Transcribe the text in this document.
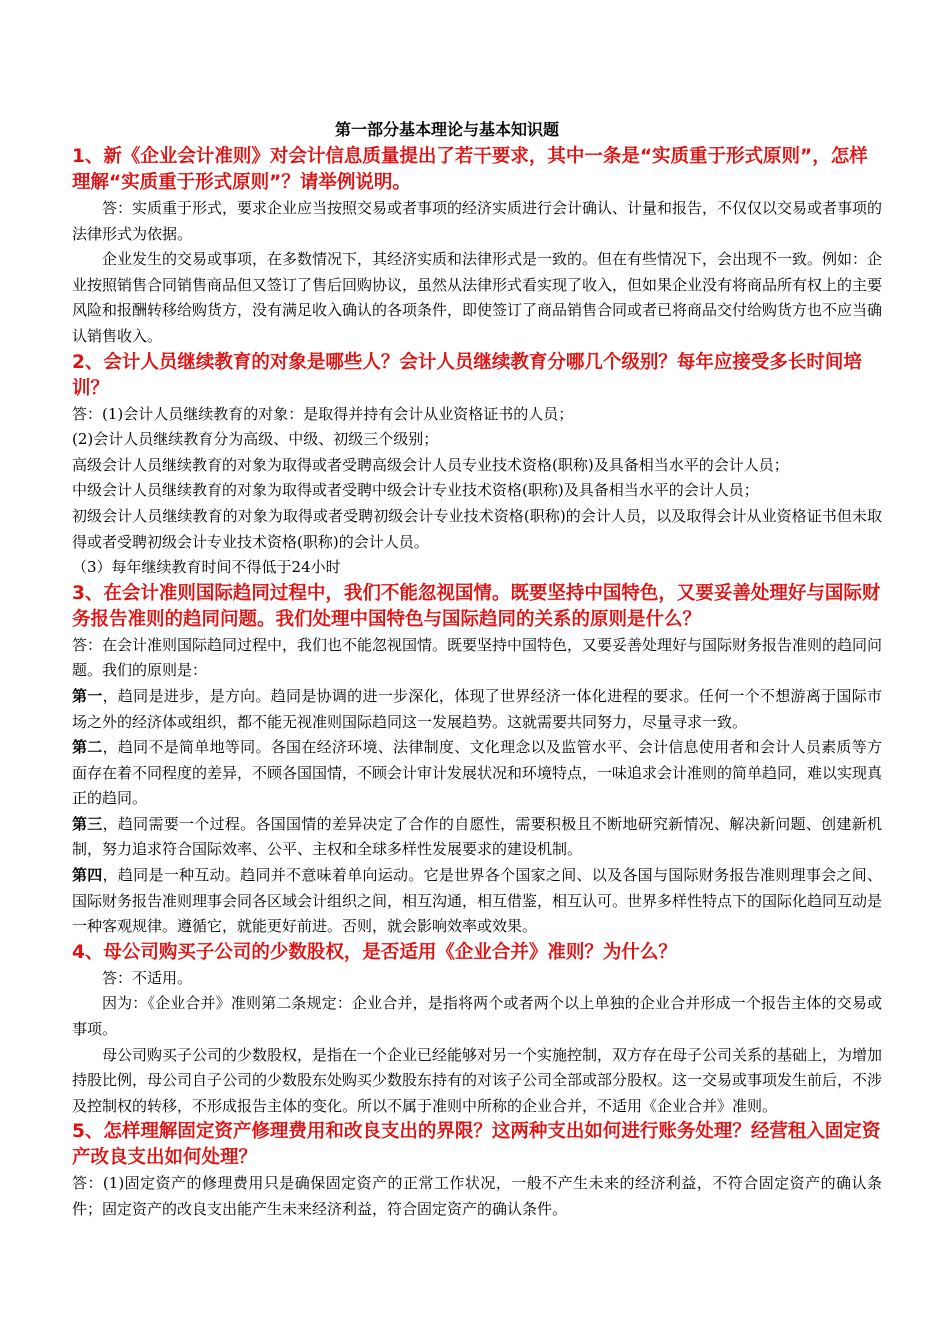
第一部分基本理论与基本知识题

1、新《企业会计准则》对会计信息质量提出了若干要求，其中一条是“实质重于形式原则”，怎样理解“实质重于形式原则”？请举例说明。

答：实质重于形式，要求企业应当按照交易或者事项的经济实质进行会计确认、计量和报告，不仅仅以交易或者事项的法律形式为依据。

企业发生的交易或事项，在多数情况下，其经济实质和法律形式是一致的。但在有些情况下，会出现不一致。例如：企业按照销售合同销售商品但又签订了售后回购协议，虽然从法律形式看实现了收入，但如果企业没有将商品所有权上的主要风险和报酬转移给购货方，没有满足收入确认的各项条件，即使签订了商品销售合同或者已将商品交付给购货方也不应当确认销售收入。

2、会计人员继续教育的对象是哪些人？会计人员继续教育分哪几个级别？每年应接受多长时间培训？

答：(1)会计人员继续教育的对象：是取得并持有会计从业资格证书的人员；

(2)会计人员继续教育分为高级、中级、初级三个级别；

高级会计人员继续教育的对象为取得或者受聘高级会计人员专业技术资格(职称)及具备相当水平的会计人员；

中级会计人员继续教育的对象为取得或者受聘中级会计专业技术资格(职称)及具备相当水平的会计人员；

初级会计人员继续教育的对象为取得或者受聘初级会计专业技术资格(职称)的会计人员，以及取得会计从业资格证书但未取得或者受聘初级会计专业技术资格(职称)的会计人员。

（3）每年继续教育时间不得低于24小时

3、在会计准则国际趋同过程中，我们不能忽视国情。既要坚持中国特色，又要妥善处理好与国际财务报告准则的趋同问题。我们处理中国特色与国际趋同的关系的原则是什么？

答：在会计准则国际趋同过程中，我们也不能忽视国情。既要坚持中国特色，又要妥善处理好与国际财务报告准则的趋同问题。我们的原则是：

第一，趋同是进步，是方向。趋同是协调的进一步深化，体现了世界经济一体化进程的要求。任何一个不想游离于国际市场之外的经济体或组织，都不能无视准则国际趋同这一发展趋势。这就需要共同努力，尽量寻求一致。

第二，趋同不是简单地等同。各国在经济环境、法律制度、文化理念以及监管水平、会计信息使用者和会计人员素质等方面存在着不同程度的差异，不顾各国国情，不顾会计审计发展状况和环境特点，一味追求会计准则的简单趋同，难以实现真正的趋同。

第三，趋同需要一个过程。各国国情的差异决定了合作的自愿性，需要积极且不断地研究新情况、解决新问题、创建新机制，努力追求符合国际效率、公平、主权和全球多样性发展要求的建设机制。

第四，趋同是一种互动。趋同并不意味着单向运动。它是世界各个国家之间、以及各国与国际财务报告准则理事会之间、国际财务报告准则理事会同各区域会计组织之间，相互沟通，相互借鉴，相互认可。世界多样性特点下的国际化趋同互动是一种客观规律。遵循它，就能更好前进。否则，就会影响效率或效果。

4、母公司购买子公司的少数股权，是否适用《企业合并》准则？为什么？

答：不适用。

因为：《企业合并》准则第二条规定：企业合并，是指将两个或者两个以上单独的企业合并形成一个报告主体的交易或事项。

母公司购买子公司的少数股权，是指在一个企业已经能够对另一个实施控制，双方存在母子公司关系的基础上，为增加持股比例，母公司自子公司的少数股东处购买少数股东持有的对该子公司全部或部分股权。这一交易或事项发生前后，不涉及控制权的转移，不形成报告主体的变化。所以不属于准则中所称的企业合并，不适用《企业合并》准则。

5、怎样理解固定资产修理费用和改良支出的界限？这两种支出如何进行账务处理？经营租入固定资产改良支出如何处理？

答：(1)固定资产的修理费用只是确保固定资产的正常工作状况，一般不产生未来的经济利益，不符合固定资产的确认条件；固定资产的改良支出能产生未来经济利益，符合固定资产的确认条件。
